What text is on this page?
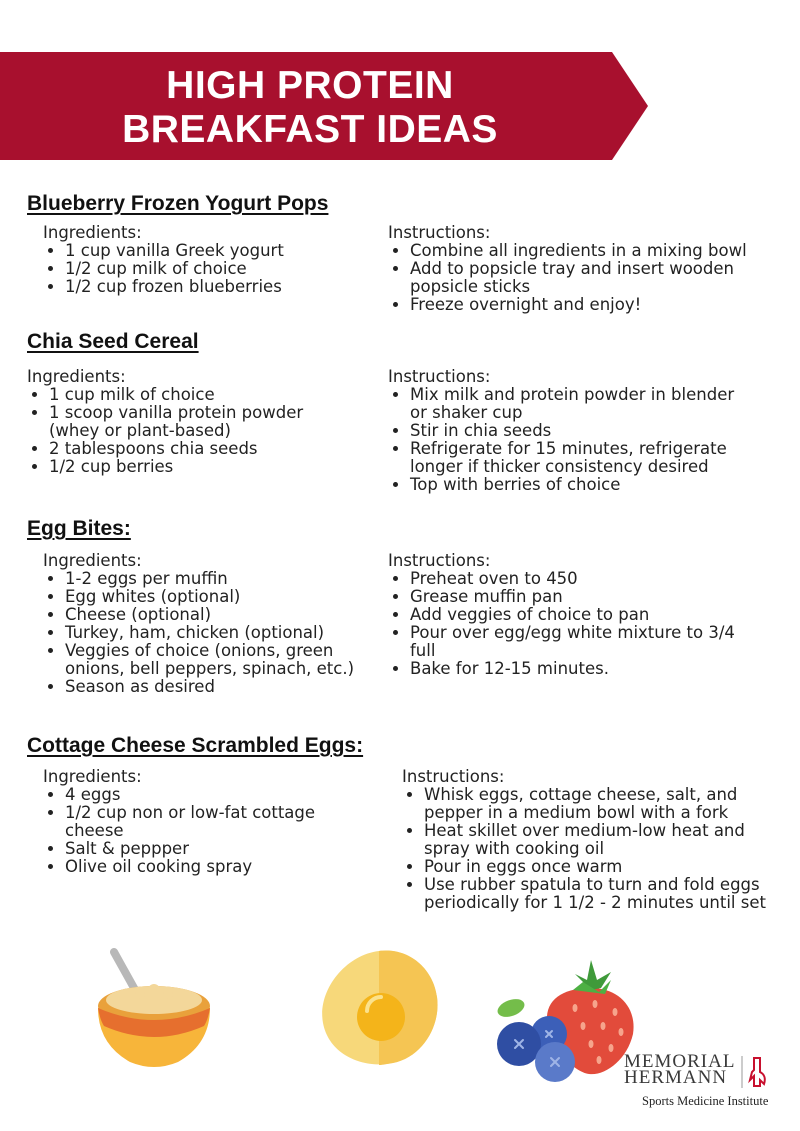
HIGH PROTEIN
BREAKFAST IDEAS
Blueberry Frozen Yogurt Pops
Ingredients:
• 1 cup vanilla Greek yogurt
• 1/2 cup milk of choice
• 1/2 cup frozen blueberries
Instructions:
• Combine all ingredients in a mixing bowl
• Add to popsicle tray and insert wooden popsicle sticks
• Freeze overnight and enjoy!
Chia Seed Cereal
Ingredients:
• 1 cup milk of choice
• 1 scoop vanilla protein powder (whey or plant-based)
• 2 tablespoons chia seeds
• 1/2 cup berries
Instructions:
• Mix milk and protein powder in blender or shaker cup
• Stir in chia seeds
• Refrigerate for 15 minutes, refrigerate longer if thicker consistency desired
• Top with berries of choice
Egg Bites:
Ingredients:
• 1-2 eggs per muffin
• Egg whites (optional)
• Cheese (optional)
• Turkey, ham, chicken (optional)
• Veggies of choice (onions, green onions, bell peppers, spinach, etc.)
• Season as desired
Instructions:
• Preheat oven to 450
• Grease muffin pan
• Add veggies of choice to pan
• Pour over egg/egg white mixture to 3/4 full
• Bake for 12-15 minutes.
Cottage Cheese Scrambled Eggs:
Ingredients:
• 4 eggs
• 1/2 cup non or low-fat cottage cheese
• Salt & peppper
• Olive oil cooking spray
Instructions:
• Whisk eggs, cottage cheese, salt, and pepper in a medium bowl with a fork
• Heat skillet over medium-low heat and spray with cooking oil
• Pour in eggs once warm
• Use rubber spatula to turn and fold eggs periodically for 1 1/2 - 2 minutes until set
MEMORIAL
HERMANN
Sports Medicine Institute
